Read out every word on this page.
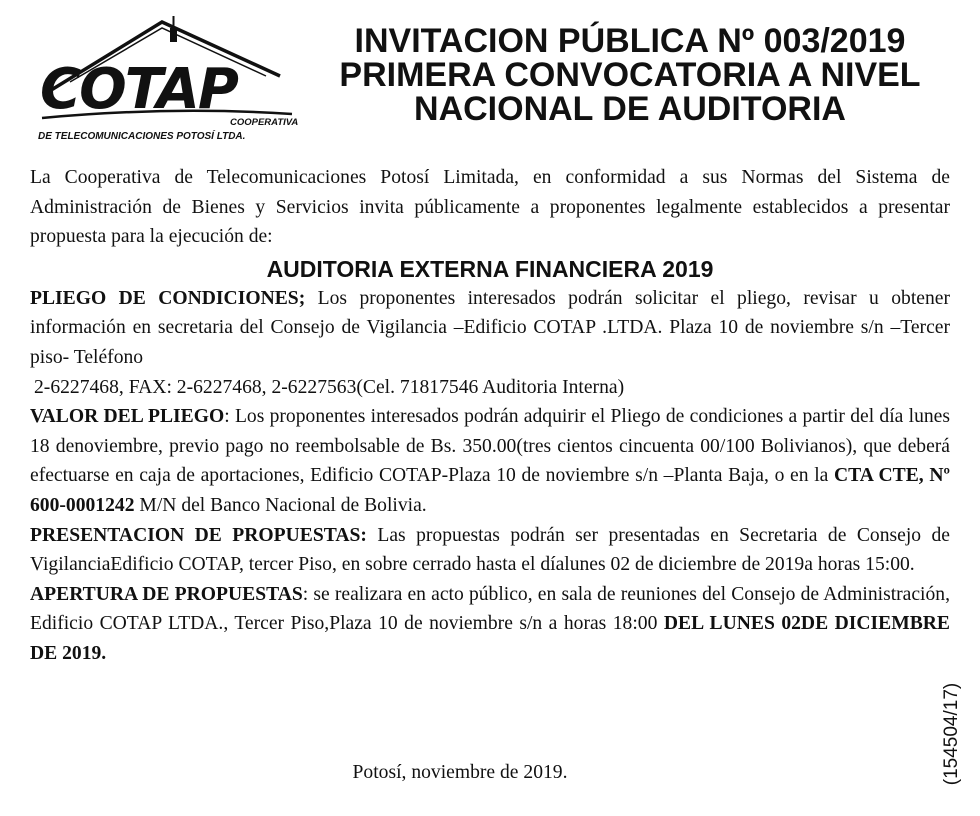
COTAP
COOPERATIVA
DE TELECOMUNICACIONES POTOSÍ LTDA.
INVITACION PÚBLICA Nº 003/2019
PRIMERA CONVOCATORIA A NIVEL
NACIONAL DE AUDITORIA

La Cooperativa de Telecomunicaciones Potosí Limitada, en conformidad a sus Normas del Sistema de Administración de Bienes y Servicios invita públicamente a proponentes legalmente establecidos a presentar propuesta para la ejecución de:

AUDITORIA EXTERNA FINANCIERA 2019

PLIEGO DE CONDICIONES; Los proponentes interesados podrán solicitar el pliego, revisar u obtener información en secretaria del Consejo de Vigilancia –Edificio COTAP .LTDA. Plaza 10 de noviembre s/n –Tercer piso- Teléfono

2-6227468, FAX: 2-6227468, 2-6227563(Cel. 71817546 Auditoria Interna)

VALOR DEL PLIEGO: Los proponentes interesados podrán adquirir el Pliego de condiciones a partir del día lunes 18 denoviembre, previo pago no reembolsable de Bs. 350.00(tres cientos cincuenta 00/100 Bolivianos), que deberá efectuarse en caja de aportaciones, Edificio COTAP-Plaza 10 de noviembre s/n –Planta Baja, o en la CTA CTE, Nº 600-0001242 M/N del Banco Nacional de Bolivia.

PRESENTACION DE PROPUESTAS: Las propuestas podrán ser presentadas en Secretaria de Consejo de VigilanciaEdificio COTAP, tercer Piso, en sobre cerrado hasta el díalunes 02 de diciembre de 2019a horas 15:00.

APERTURA DE PROPUESTAS: se realizara en acto público, en sala de reuniones del Consejo de Administración, Edificio COTAP LTDA., Tercer Piso,Plaza 10 de noviembre s/n a horas 18:00 DEL LUNES 02DE DICIEMBRE DE 2019.

Potosí, noviembre de 2019.	(154504/17)
